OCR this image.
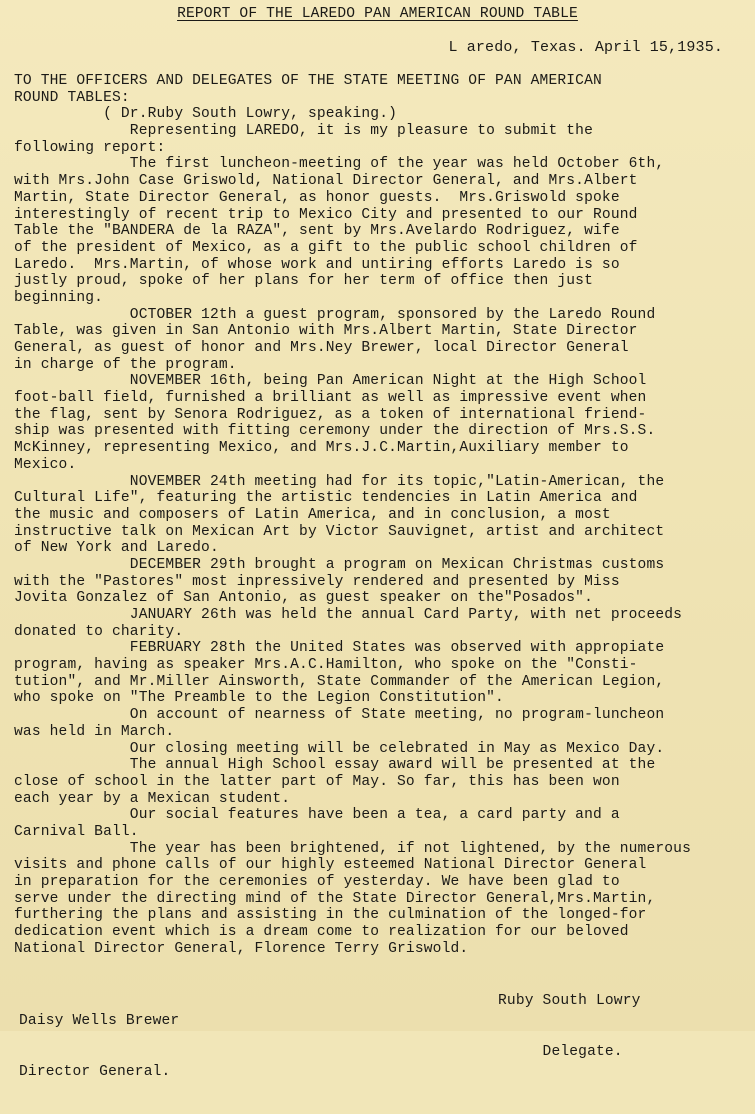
REPORT OF THE LAREDO PAN AMERICAN ROUND TABLE
L aredo, Texas. April 15,1935.
TO THE OFFICERS AND DELEGATES OF THE STATE MEETING OF PAN AMERICAN
ROUND TABLES:
( Dr.Ruby South Lowry, speaking.)
Representing LAREDO, it is my pleasure to submit the
following report:
The first luncheon-meeting of the year was held October 6th,
with Mrs.John Case Griswold, National Director General, and Mrs.Albert
Martin, State Director General, as honor guests.  Mrs.Griswold spoke
interestingly of recent trip to Mexico City and presented to our Round
Table the "BANDERA de la RAZA", sent by Mrs.Avelardo Rodriguez, wife
of the president of Mexico, as a gift to the public school children of
Laredo.  Mrs.Martin, of whose work and untiring efforts Laredo is so
justly proud, spoke of her plans for her term of office then just
beginning.
OCTOBER 12th a guest program, sponsored by the Laredo Round
Table, was given in San Antonio with Mrs.Albert Martin, State Director
General, as guest of honor and Mrs.Ney Brewer, local Director General
in charge of the program.
NOVEMBER 16th, being Pan American Night at the High School
foot-ball field, furnished a brilliant as well as impressive event when
the flag, sent by Senora Rodriguez, as a token of international friend-
ship was presented with fitting ceremony under the direction of Mrs.S.S.
McKinney, representing Mexico, and Mrs.J.C.Martin,Auxiliary member to
Mexico.
NOVEMBER 24th meeting had for its topic,"Latin-American, the
Cultural Life", featuring the artistic tendencies in Latin America and
the music and composers of Latin America, and in conclusion, a most
instructive talk on Mexican Art by Victor Sauvignet, artist and architect
of New York and Laredo.
DECEMBER 29th brought a program on Mexican Christmas customs
with the "Pastores" most inpressively rendered and presented by Miss
Jovita Gonzalez of San Antonio, as guest speaker on the"Posados".
JANUARY 26th was held the annual Card Party, with net proceeds
donated to charity.
FEBRUARY 28th the United States was observed with appropiate
program, having as speaker Mrs.A.C.Hamilton, who spoke on the "Consti-
tution", and Mr.Miller Ainsworth, State Commander of the American Legion,
who spoke on "The Preamble to the Legion Constitution".
On account of nearness of State meeting, no program-luncheon
was held in March.
Our closing meeting will be celebrated in May as Mexico Day.
The annual High School essay award will be presented at the
close of school in the latter part of May. So far, this has been won
each year by a Mexican student.
Our social features have been a tea, a card party and a
Carnival Ball.
The year has been brightened, if not lightened, by the numerous
visits and phone calls of our highly esteemed National Director General
in preparation for the ceremonies of yesterday. We have been glad to
serve under the directing mind of the State Director General,Mrs.Martin,
furthering the plans and assisting in the culmination of the longed-for
dedication event which is a dream come to realization for our beloved
National Director General, Florence Terry Griswold.

Ruby South Lowry

Delegate.

Daisy Wells Brewer

Director General.
